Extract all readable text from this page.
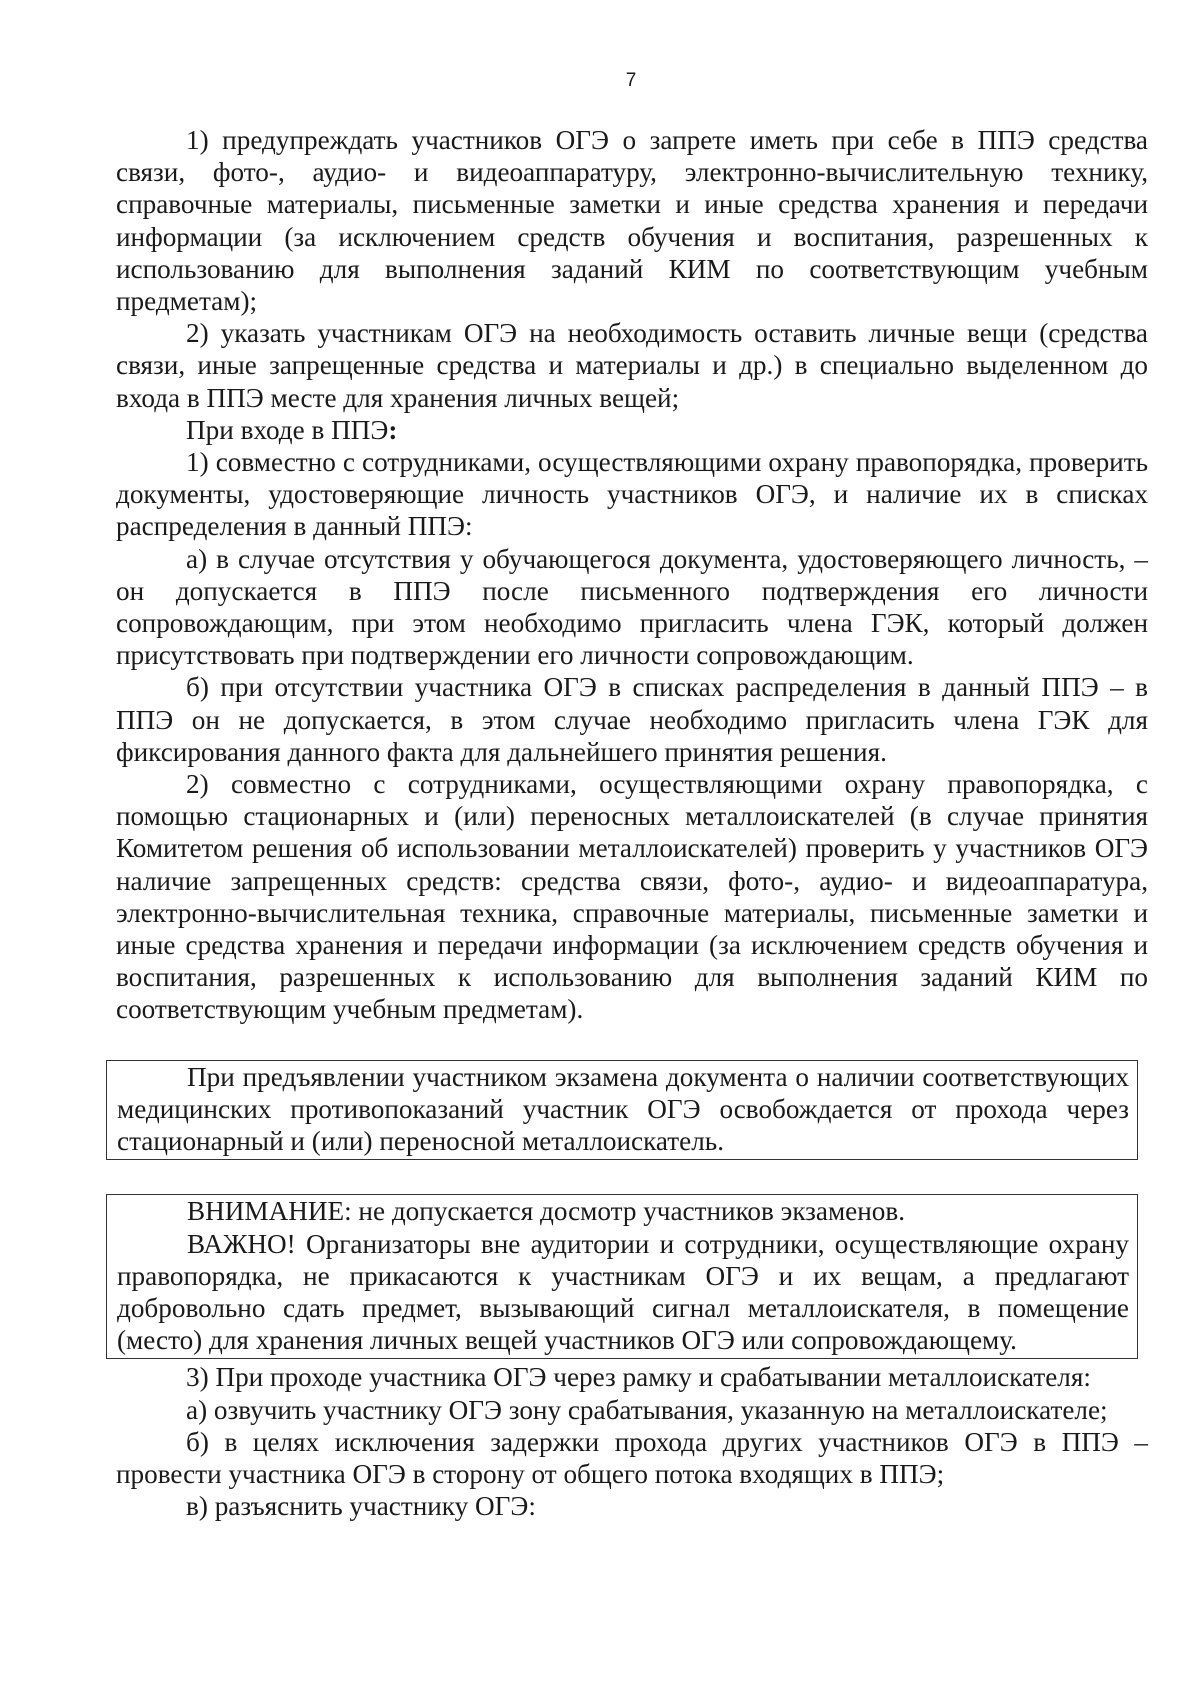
7

1) предупреждать участников ОГЭ о запрете иметь при себе в ППЭ средства связи, фото-, аудио- и видеоаппаратуру, электронно-вычислительную технику, справочные материалы, письменные заметки и иные средства хранения и передачи информации (за исключением средств обучения и воспитания, разрешенных к использованию для выполнения заданий КИМ по соответствующим учебным предметам);

2) указать участникам ОГЭ на необходимость оставить личные вещи (средства связи, иные запрещенные средства и материалы и др.) в специально выделенном до входа в ППЭ месте для хранения личных вещей;

При входе в ППЭ:

1) совместно с сотрудниками, осуществляющими охрану правопорядка, проверить документы, удостоверяющие личность участников ОГЭ, и наличие их в списках распределения в данный ППЭ:

а) в случае отсутствия у обучающегося документа, удостоверяющего личность, – он допускается в ППЭ после письменного подтверждения его личности сопровождающим, при этом необходимо пригласить члена ГЭК, который должен присутствовать при подтверждении его личности сопровождающим.

б) при отсутствии участника ОГЭ в списках распределения в данный ППЭ – в ППЭ он не допускается, в этом случае необходимо пригласить члена ГЭК для фиксирования данного факта для дальнейшего принятия решения.

2) совместно с сотрудниками, осуществляющими охрану правопорядка, с помощью стационарных и (или) переносных металлоискателей (в случае принятия Комитетом решения об использовании металлоискателей) проверить у участников ОГЭ наличие запрещенных средств: средства связи, фото-, аудио- и видеоаппаратура, электронно-вычислительная техника, справочные материалы, письменные заметки и иные средства хранения и передачи информации (за исключением средств обучения и воспитания, разрешенных к использованию для выполнения заданий КИМ по соответствующим учебным предметам).

При предъявлении участником экзамена документа о наличии соответствующих медицинских противопоказаний участник ОГЭ освобождается от прохода через стационарный и (или) переносной металлоискатель.

ВНИМАНИЕ: не допускается досмотр участников экзаменов.

ВАЖНО! Организаторы вне аудитории и сотрудники, осуществляющие охрану правопорядка, не прикасаются к участникам ОГЭ и их вещам, а предлагают добровольно сдать предмет, вызывающий сигнал металлоискателя, в помещение (место) для хранения личных вещей участников ОГЭ или сопровождающему.

3) При проходе участника ОГЭ через рамку и срабатывании металлоискателя:

а) озвучить участнику ОГЭ зону срабатывания, указанную на металлоискателе;

б) в целях исключения задержки прохода других участников ОГЭ в ППЭ – провести участника ОГЭ в сторону от общего потока входящих в ППЭ;

в) разъяснить участнику ОГЭ:
